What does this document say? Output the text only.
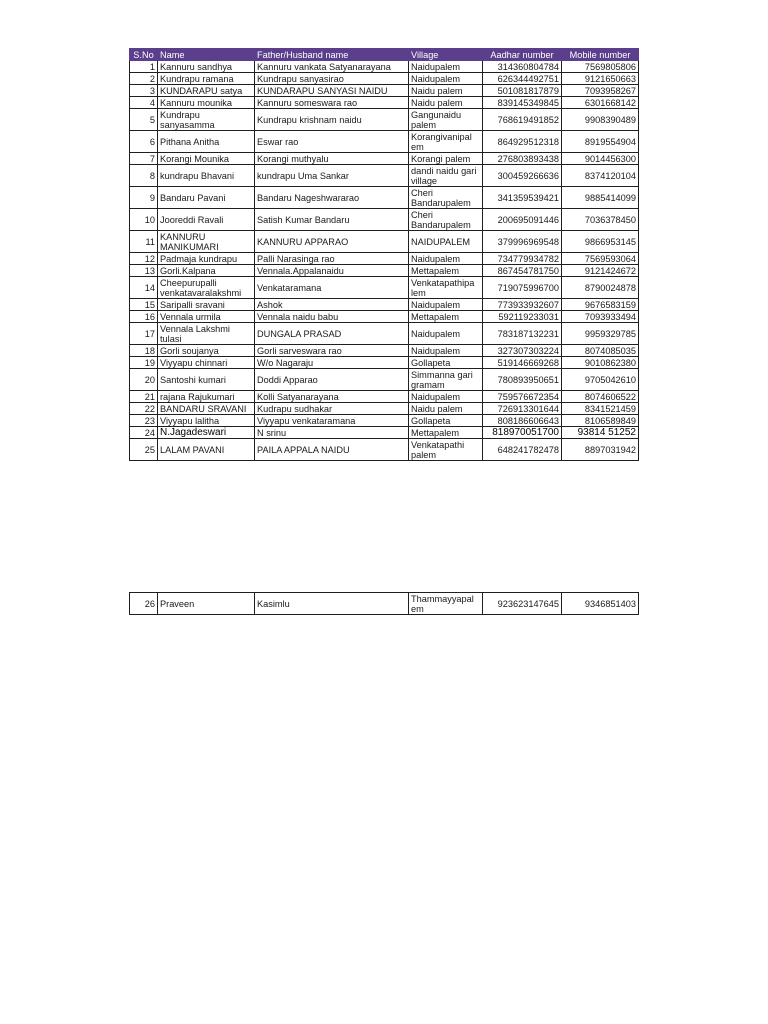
S.No	Name	Father/Husband name	Village	Aadhar number	Mobile number
1	Kannuru sandhya	Kannuru vankata Satyanarayana	Naidupalem	314360804784	7569805806
2	Kundrapu ramana	Kundrapu sanyasirao	Naidupalem	626344492751	9121650663
3	KUNDARAPU satya	KUNDARAPU SANYASI NAIDU	Naidu palem	501081817879	7093958267
4	Kannuru mounika	Kannuru someswara rao	Naidu palem	839145349845	6301668142
5	Kundrapu sanyasamma	Kundrapu krishnam naidu	Gangunaidu palem	768619491852	9908390489
6	Pithana Anitha	Eswar rao	Korangivanipal em	864929512318	8919554904
7	Korangi Mounika	Korangi muthyalu	Korangi palem	276803893438	9014456300
8	kundrapu Bhavani	kundrapu Uma Sankar	dandi naidu gari village	300459266636	8374120104
9	Bandaru Pavani	Bandaru Nageshwararao	Cheri Bandarupalem	341359539421	9885414099
10	Jooreddi Ravali	Satish Kumar Bandaru	Cheri Bandarupalem	200695091446	7036378450
11	KANNURU MANIKUMARI	KANNURU APPARAO	NAIDUPALEM	379996969548	9866953145
12	Padmaja kundrapu	Palli Narasinga rao	Naidupalem	734779934782	7569593064
13	Gorli.Kalpana	Vennala.Appalanaidu	Mettapalem	867454781750	9121424672
14	Cheepurupalli venkatavaralakshmi	Venkataramana	Venkatapathipa lem	719075996700	8790024878
15	Saripalli sravani	Ashok	Naidupalem	773933932607	9676583159
16	Vennala urmila	Vennala naidu babu	Mettapalem	592119233031	7093933494
17	Vennala Lakshmi tulasi	DUNGALA PRASAD	Naidupalem	783187132231	9959329785
18	Gorli soujanya	Gorli sarveswara rao	Naidupalem	327307303224	8074085035
19	Viyyapu chinnari	W/o Nagaraju	Gollapeta	519146669268	9010862380
20	Santoshi kumari	Doddi Apparao	Simmanna gari gramam	780893950651	9705042610
21	rajana Rajukumari	Kolli Satyanarayana	Naidupalem	759576672354	8074606522
22	BANDARU SRAVANI	Kudrapu sudhakar	Naidu palem	726913301644	8341521459
23	Viyyapu lalitha	Viyyapu venkataramana	Gollapeta	808186606643	8106589849
24	N.Jagadeswari	N srinu	Mettapalem	818970051700	93814 51252
25	LALAM PAVANI	PAILA APPALA NAIDU	Venkatapathi palem	648241782478	8897031942
26	Praveen	Kasimlu	Thammayyapal em	923623147645	9346851403
